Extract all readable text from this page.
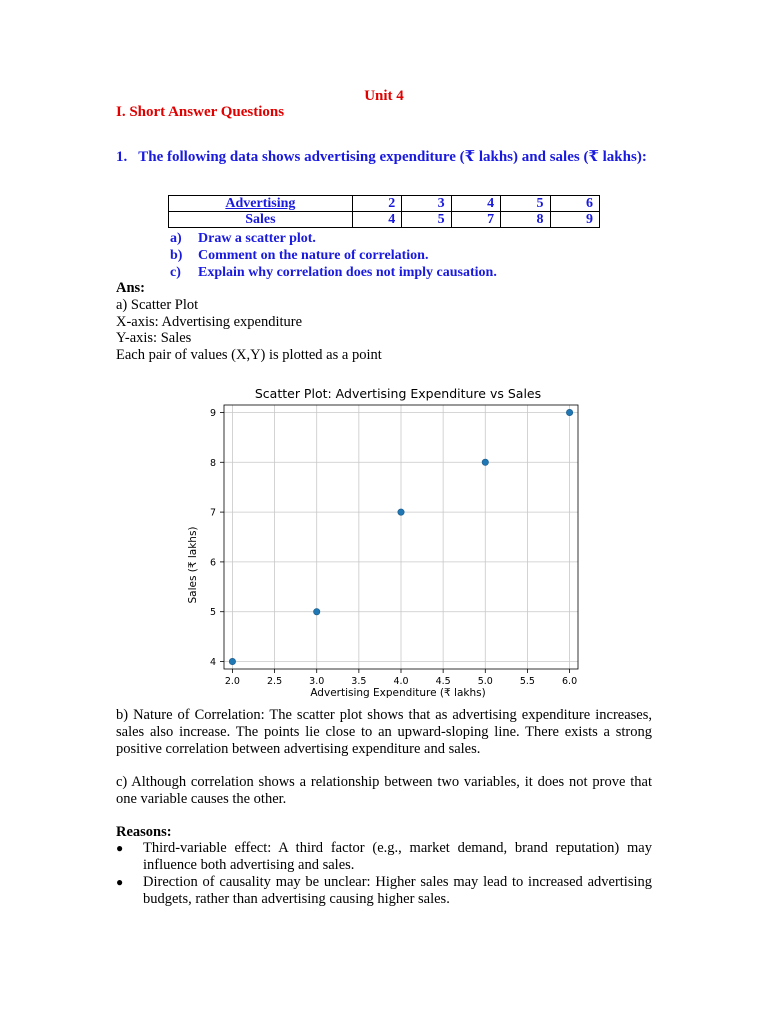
Unit 4
I. Short Answer Questions
1.   The following data shows advertising expenditure (₹ lakhs) and sales (₹ lakhs):
Advertising	2	3	4	5	6
Sales	4	5	7	8	9
a)	Draw a scatter plot.
b)	Comment on the nature of correlation.
c)	Explain why correlation does not imply causation.
Ans:
a) Scatter Plot
X-axis: Advertising expenditure
Y-axis: Sales
Each pair of values (X,Y) is plotted as a point
Scatter Plot: Advertising Expenditure vs Sales
2.0	2.5	3.0	3.5	4.0	4.5	5.0	5.5	6.0
4
5
6
7
8
9
Advertising Expenditure (₹ lakhs)
Sales (₹ lakhs)
b) Nature of Correlation: The scatter plot shows that as advertising expenditure increases, sales also increase. The points lie close to an upward-sloping line. There exists a strong positive correlation between advertising expenditure and sales.
c) Although correlation shows a relationship between two variables, it does not prove that one variable causes the other.
Reasons:
●	Third-variable effect: A third factor (e.g., market demand, brand reputation) may influence both advertising and sales.
●	Direction of causality may be unclear: Higher sales may lead to increased advertising budgets, rather than advertising causing higher sales.
